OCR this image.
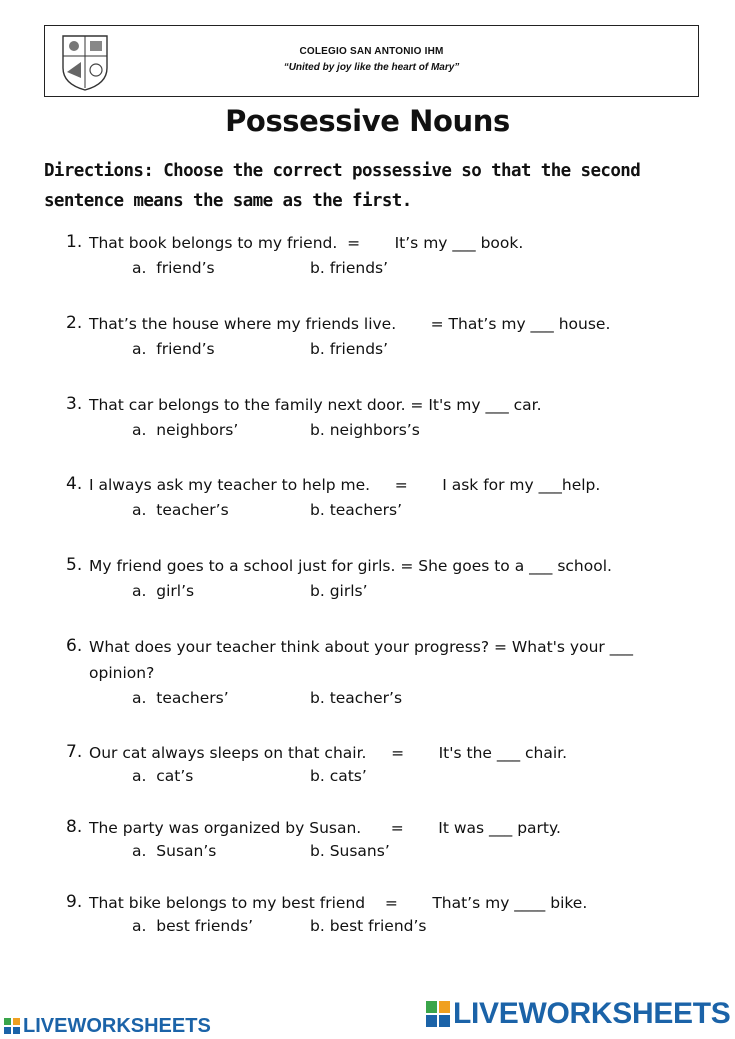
COLEGIO SAN ANTONIO IHM
“United by joy like the heart of Mary”
Possessive Nouns
Directions: Choose the correct possessive so that the second sentence means the same as the first.
1. That book belongs to my friend.  =       It’s my ___ book.
a.  friend’s	b. friends’
2. That’s the house where my friends live.       = That’s my ___ house.
a.  friend’s	b. friends’
3. That car belongs to the family next door. = It's my ___ car.
a.  neighbors’	b. neighbors’s
4. I always ask my teacher to help me.     =       I ask for my ___help.
a.  teacher’s	b. teachers’
5. My friend goes to a school just for girls. = She goes to a ___ school.
a.  girl’s	b. girls’
6. What does your teacher think about your progress? = What's your ___
opinion?
a.  teachers’	b. teacher’s
7. Our cat always sleeps on that chair.     =       It's the ___ chair.
a.  cat’s	b. cats’
8. The party was organized by Susan.      =       It was ___ party.
a.  Susan’s	b. Susans’
9. That bike belongs to my best friend    =       That’s my ____ bike.
a.  best friends’	b. best friend’s
LIVEWORKSHEETS	LIVEWORKSHEETS
